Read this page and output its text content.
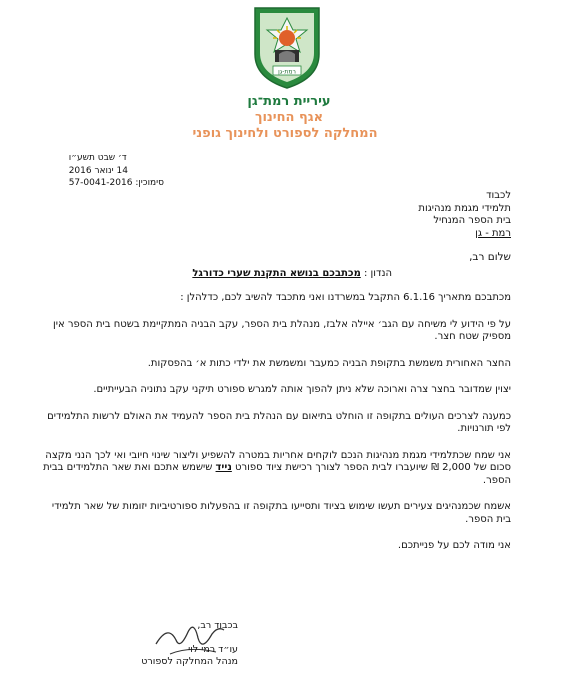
רמת-גן
עיריית רמת־גן
אגף החינוך
המחלקה לספורט ולחינוך גופני
ד׳ שבט תשע״ו
14 ינואר 2016
סימוכין: 57-0041-2016
לכבוד
תלמידי מגמת מנהיגות
בית הספר המנחיל
רמת - גן
שלום רב,
הנדון : מכתבכם בנושא התקנת שערי כדורגל

מכתבכם מתאריך 6.1.16 התקבל במשרדנו ואני מתכבד להשיב לכם, כדלהלן :

על פי הידוע לי משיחה עם הגב׳ איילה אלבז, מנהלת בית הספר, עקב הבניה המתקיימת בשטח בית הספר אין מספיק שטח חצר.

החצר האחורית משמשת בתקופת הבניה כמעבר ומשמשת את ילדי כתות א׳ בהפסקות.

יצוין שמדובר בחצר צרה וארוכה שלא ניתן להפוך אותה למגרש ספורט תיקני עקב נתוניה הבעייתיים.

כמענה לצרכים העולים בתקופה זו הוחלט בתיאום עם הנהלת בית הספר להעמיד את האולם לרשות התלמידים לפי תורנויות.

אני שמח שכתלמידי מגמת מנהיגות הנכם לוקחים אחריות במטרה להשפיע וליצור שינוי חיובי ואי לכך הנני מקצה סכום של 2,000 ₪ שיועברו לבית הספר לצורך רכישת ציוד ספורט נייד שישמש אתכם ואת שאר התלמידים בבית הספר.

אשמח שכמנהיגים צעירים תעשו שימוש בציוד ותסייעו בתקופה זו בהפעלות ספורטיביות יזומות של שאר תלמידי בית הספר.

אני מודה לכם על פנייתכם.

בכבוד רב,
עו״ד רמי לוי
מנהל המחלקה לספורט
